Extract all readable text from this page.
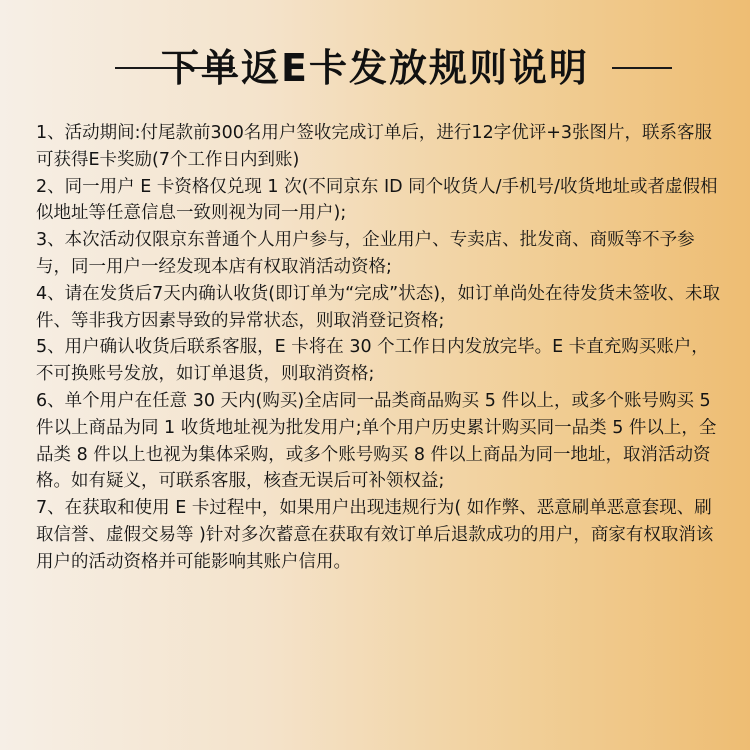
下单返E卡发放规则说明

1、活动期间:付尾款前300名用户签收完成订单后，进行12字优评+3张图片，联系客服可获得E卡奖励(7个工作日内到账)

2、同一用户 E 卡资格仅兑现 1 次(不同京东 ID 同个收货人/手机号/收货地址或者虚假相似地址等任意信息一致则视为同一用户);

3、本次活动仅限京东普通个人用户参与，企业用户、专卖店、批发商、商贩等不予参与，同一用户一经发现本店有权取消活动资格;

4、请在发货后7天内确认收货(即订单为“完成”状态)，如订单尚处在待发货未签收、未取件、等非我方因素导致的异常状态，则取消登记资格;

5、用户确认收货后联系客服，E 卡将在 30 个工作日内发放完毕。E 卡直充购买账户，不可换账号发放，如订单退货，则取消资格;

6、单个用户在任意 30 天内(购买)全店同一品类商品购买 5 件以上，或多个账号购买 5 件以上商品为同 1 收货地址视为批发用户;单个用户历史累计购买同一品类 5 件以上，全品类 8 件以上也视为集体采购，或多个账号购买 8 件以上商品为同一地址，取消活动资格。如有疑义，可联系客服，核查无误后可补领权益;

7、在获取和使用 E 卡过程中，如果用户出现违规行为( 如作弊、恶意刷单恶意套现、刷取信誉、虚假交易等 )针对多次蓄意在获取有效订单后退款成功的用户，商家有权取消该用户的活动资格并可能影响其账户信用。
